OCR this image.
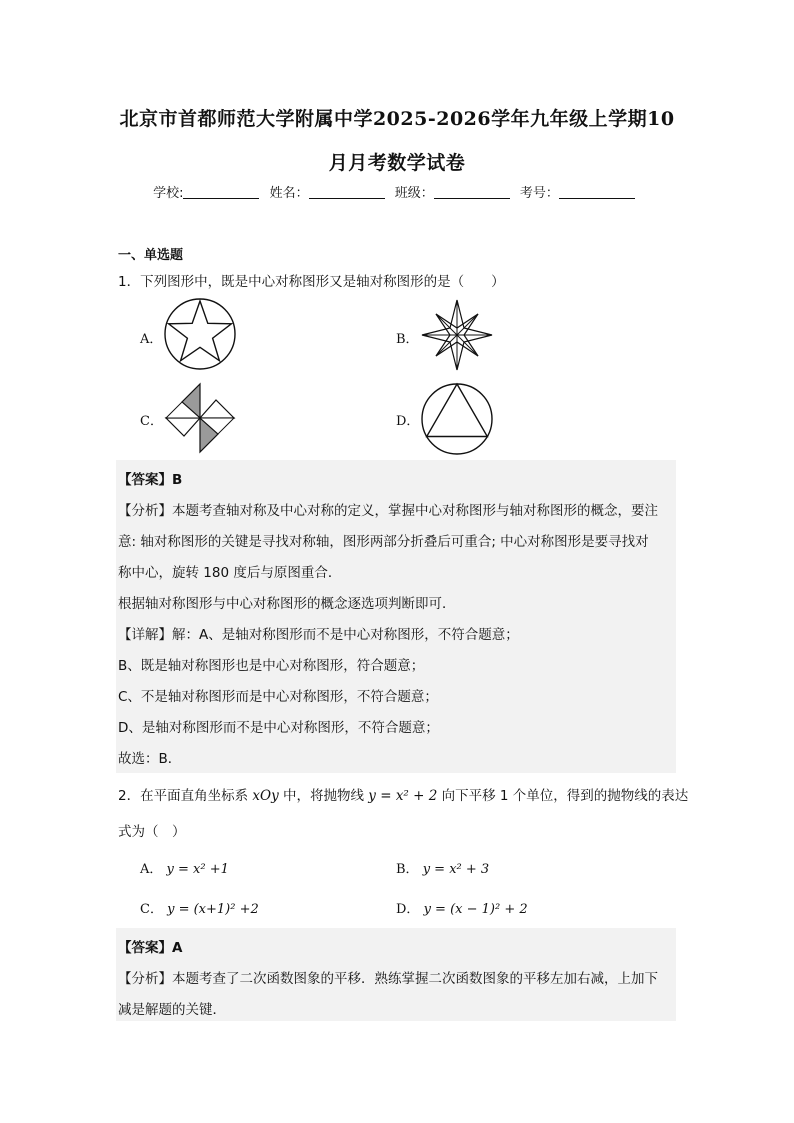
北京市首都师范大学附属中学2025-2026学年九年级上学期10
月月考数学试卷
学校:	姓名：	班级：	考号：
一、单选题
1．下列图形中，既是中心对称图形又是轴对称图形的是（　　）
A．	B．
C．	D．
【答案】B
【分析】本题考查轴对称及中心对称的定义，掌握中心对称图形与轴对称图形的概念，要注
意: 轴对称图形的关键是寻找对称轴，图形两部分折叠后可重合; 中心对称图形是要寻找对
称中心，旋转 180 度后与原图重合．
根据轴对称图形与中心对称图形的概念逐选项判断即可．
【详解】解：A、是轴对称图形而不是中心对称图形，不符合题意；
B、既是轴对称图形也是中心对称图形，符合题意；
C、不是轴对称图形而是中心对称图形，不符合题意；
D、是轴对称图形而不是中心对称图形，不符合题意；
故选：B．
2．在平面直角坐标系 xOy 中，将抛物线 y = x² + 2 向下平移 1 个单位，得到的抛物线的表达
式为（　）
A． y = x² +1	B． y = x² + 3
C． y = (x+1)² +2	D． y = (x − 1)² + 2
【答案】A
【分析】本题考查了二次函数图象的平移．熟练掌握二次函数图象的平移左加右减，上加下
减是解题的关键．
